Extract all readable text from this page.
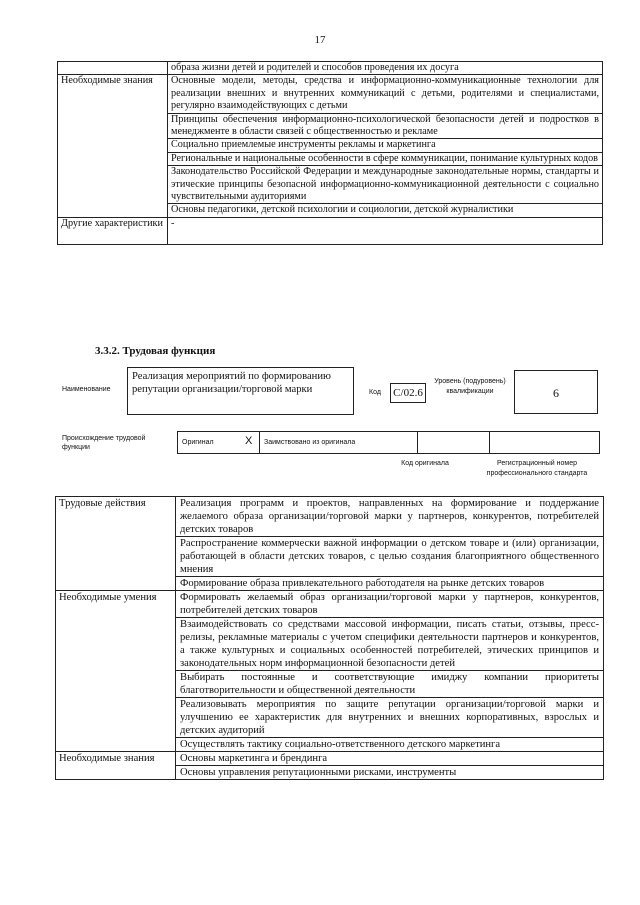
17
	образа жизни детей и родителей и способов проведения их досуга
Необходимые знания	Основные модели, методы, средства и информационно-коммуникационные технологии для реализации внешних и внутренних коммуникаций с детьми, родителями и специалистами, регулярно взаимодействующих с детьми
	Принципы обеспечения информационно-психологической безопасности детей и подростков в менеджменте в области связей с общественностью и рекламе
	Социально приемлемые инструменты рекламы и маркетинга
	Региональные и национальные особенности в сфере коммуникации, понимание культурных кодов
	Законодательство Российской Федерации и международные законодательные нормы, стандарты и этические принципы безопасной информационно-коммуникационной деятельности с социально чувствительными аудиториями
	Основы педагогики, детской психологии и социологии, детской журналистики
Другие характеристики	-
3.3.2. Трудовая функция
Наименование
Реализация мероприятий по формированию репутации организации/торговой марки	Код С/02.6
Уровень (подуровень) квалификации	6
Происхождение трудовой функции
Оригинал	X	Заимствовано из оригинала
Код оригинала	Регистрационный номер профессионального стандарта
Трудовые действия	Реализация программ и проектов, направленных на формирование и поддержание желаемого образа организации/торговой марки у партнеров, конкурентов, потребителей детских товаров
	Распространение коммерчески важной информации о детском товаре и (или) организации, работающей в области детских товаров, с целью создания благоприятного общественного мнения
	Формирование образа привлекательного работодателя на рынке детских товаров
Необходимые умения	Формировать желаемый образ организации/торговой марки у партнеров, конкурентов, потребителей детских товаров
	Взаимодействовать со средствами массовой информации, писать статьи, отзывы, пресс-релизы, рекламные материалы с учетом специфики деятельности партнеров и конкурентов, а также культурных и социальных особенностей потребителей, этических принципов и законодательных норм информационной безопасности детей
	Выбирать постоянные и соответствующие имиджу компании приоритеты благотворительности и общественной деятельности
	Реализовывать мероприятия по защите репутации организации/торговой марки и улучшению ее характеристик для внутренних и внешних корпоративных, взрослых и детских аудиторий
	Осуществлять тактику социально-ответственного детского маркетинга
Необходимые знания	Основы маркетинга и брендинга
	Основы управления репутационными рисками, инструменты
